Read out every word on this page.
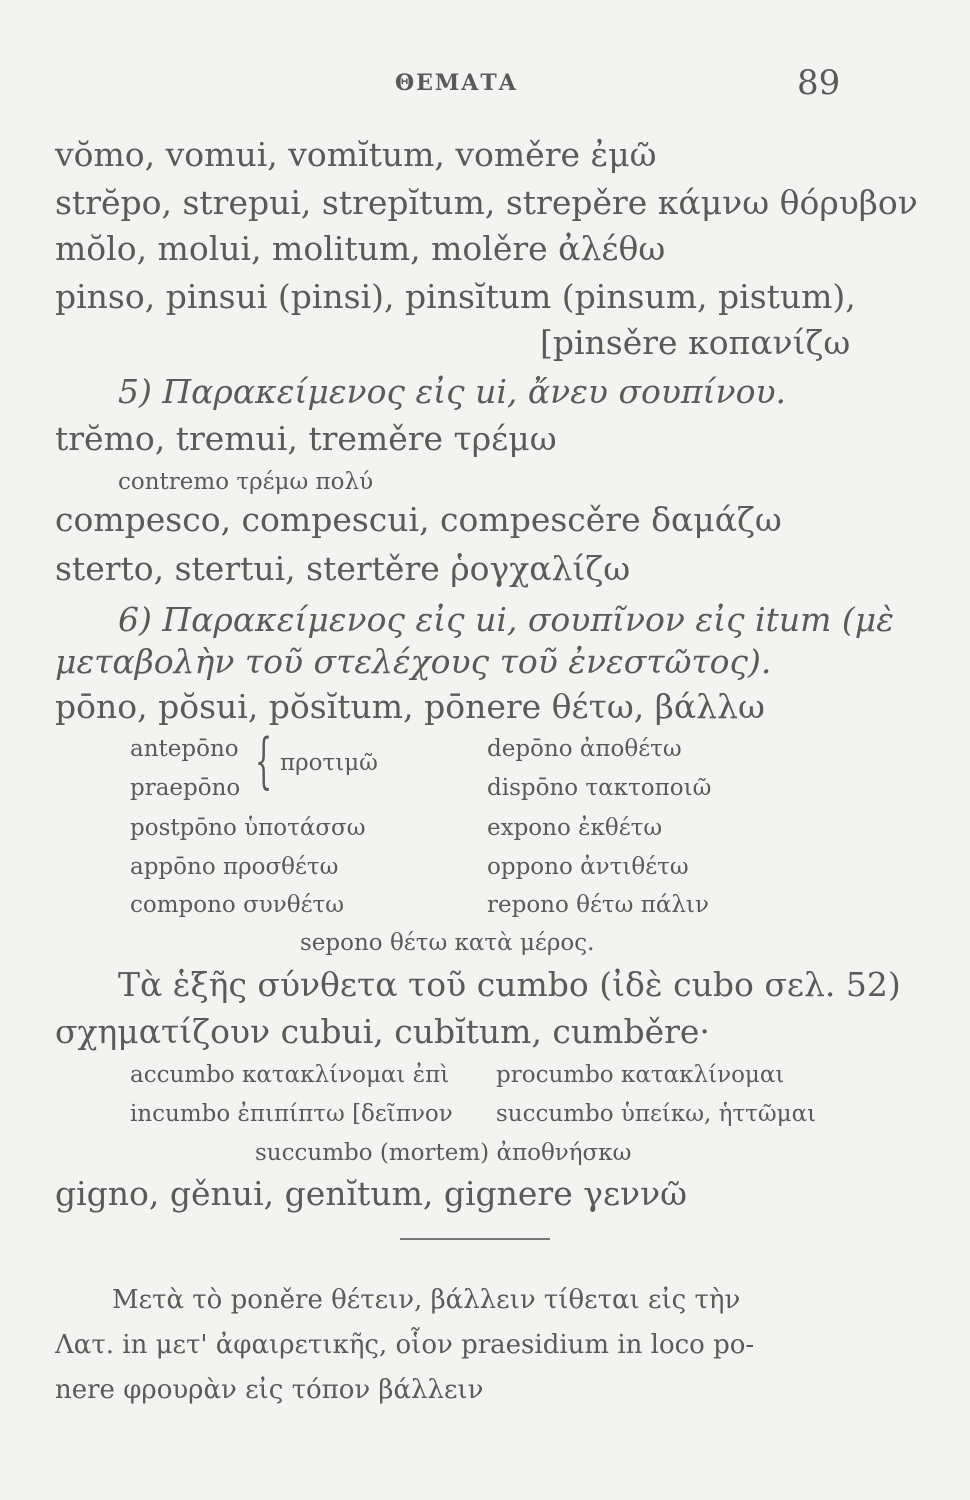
ΘΕΜΑΤΑ	89
vŏmo, vomui, vomĭtum, voměre ἐμῶ
strĕpo, strepui, strepĭtum, strepěre κάμνω θόρυβον
mŏlo, molui, molitum, molěre ἀλέθω
pinso, pinsui (pinsi), pinsĭtum (pinsum, pistum),
[pinsěre κοπανίζω
5) Παρακείμενος εἰς ui, ἄνευ σουπίνου.
trĕmo, tremui, treměre τρέμω
contremo τρέμω πολύ
compesco, compescui, compescěre δαμάζω
sterto, stertui, stertěre ῥογχαλίζω
6) Παρακείμενος εἰς ui, σουπῖνον εἰς itum (μὲ
μεταβολὴν τοῦ στελέχους τοῦ ἐνεστῶτος).
pōno, pŏsui, pŏsĭtum, pōnere θέτω, βάλλω
antepōno
praepōno { προτιμῶ
postpōno ὑποτάσσω
appōno προσθέτω
compono συνθέτω
depōno ἀποθέτω
dispōno τακτοποιῶ
expono ἐκθέτω
oppono ἀντιθέτω
repono θέτω πάλιν
sepono θέτω κατὰ μέρος.
Τὰ ἑξῆς σύνθετα τοῦ cumbo (ἰδὲ cubo σελ. 52)
σχηματίζουν cubui, cubĭtum, cumběre·
accumbo κατακλίνομαι ἐπὶ
incumbo ἐπιπίπτω [δεῖπνον
procumbo κατακλίνομαι
succumbo ὑπείκω, ἡττῶμαι
succumbo (mortem) ἀποθνήσκω
gigno, gěnui, genĭtum, gignere γεννῶ
Μετὰ τὸ poněre θέτειν, βάλλειν τίθεται εἰς τὴν
Λατ. in μετ' ἀφαιρετικῆς, οἷον praesidium in loco po-
nere φρουρὰν εἰς τόπον βάλλειν
